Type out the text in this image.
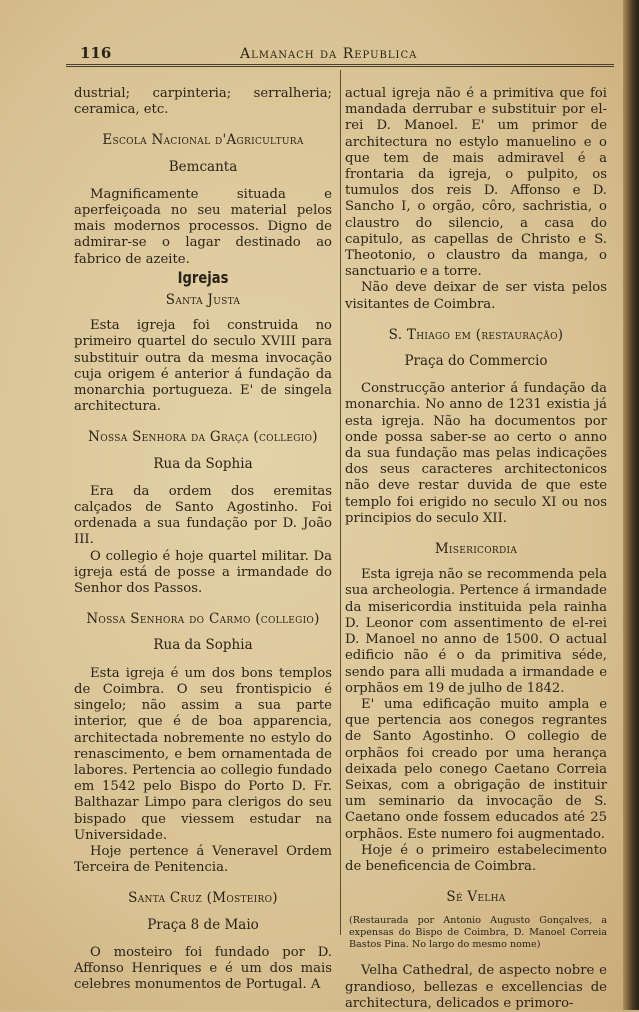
116	Almanach da Republica

dustrial; carpinteria; serralheria; ceramica, etc.

Escola Nacional d'Agricultura
Bemcanta

Magnificamente situada e aperfeiçoada no seu material pelos mais modernos processos. Digno de admirar-se o lagar destinado ao fabrico de azeite.

Igrejas
Santa Justa

Esta igreja foi construida no primeiro quartel do seculo XVIII para substituir outra da mesma invocação cuja origem é anterior á fundação da monarchia portugueza. E' de singela architectura.

Nossa Senhora da Graça (collegio)
Rua da Sophia

Era da ordem dos eremitas calçados de Santo Agostinho. Foi ordenada a sua fundação por D. João III.

O collegio é hoje quartel militar. Da igreja está de posse a irmandade do Senhor dos Passos.

Nossa Senhora do Carmo (collegio)
Rua da Sophia

Esta igreja é um dos bons templos de Coimbra. O seu frontispicio é singelo; não assim a sua parte interior, que é de boa apparencia, architectada nobremente no estylo do renascimento, e bem ornamentada de labores. Pertencia ao collegio fundado em 1542 pelo Bispo do Porto D. Fr. Balthazar Limpo para clerigos do seu bispado que viessem estudar na Universidade.

Hoje pertence á Veneravel Ordem Terceira de Penitencia.

Santa Cruz (Mosteiro)
Praça 8 de Maio

O mosteiro foi fundado por D. Affonso Henriques e é um dos mais celebres monumentos de Portugal. A

actual igreja não é a primitiva que foi mandada derrubar e substituir por el-rei D. Manoel. E' um primor de architectura no estylo manuelino e o que tem de mais admiravel é a frontaria da igreja, o pulpito, os tumulos dos reis D. Affonso e D. Sancho I, o orgão, côro, sachristia, o claustro do silencio, a casa do capitulo, as capellas de Christo e S. Theotonio, o claustro da manga, o sanctuario e a torre.

Não deve deixar de ser vista pelos visitantes de Coimbra.

S. Thiago em (restauração)
Praça do Commercio

Construcção anterior á fundação da monarchia. No anno de 1231 existia já esta igreja. Não ha documentos por onde possa saber-se ao certo o anno da sua fundação mas pelas indicações dos seus caracteres architectonicos não deve restar duvida de que este templo foi erigido no seculo XI ou nos principios do seculo XII.

Misericordia

Esta igreja não se recommenda pela sua archeologia. Pertence á irmandade da misericordia instituida pela rainha D. Leonor com assentimento de el-rei D. Manoel no anno de 1500. O actual edificio não é o da primitiva séde, sendo para alli mudada a irmandade e orphãos em 19 de julho de 1842.

E' uma edificação muito ampla e que pertencia aos conegos regrantes de Santo Agostinho. O collegio de orphãos foi creado por uma herança deixada pelo conego Caetano Correia Seixas, com a obrigação de instituir um seminario da invocação de S. Caetano onde fossem educados até 25 orphãos. Este numero foi augmentado.

Hoje é o primeiro estabelecimento de beneficencia de Coimbra.

Sé Velha

(Restaurada por Antonio Augusto Gonçalves, a expensas do Bispo de Coimbra, D. Manoel Correia Bastos Pina. No largo do mesmo nome)

Velha Cathedral, de aspecto nobre e grandioso, bellezas e excellencias de architectura, delicados e primoro-
